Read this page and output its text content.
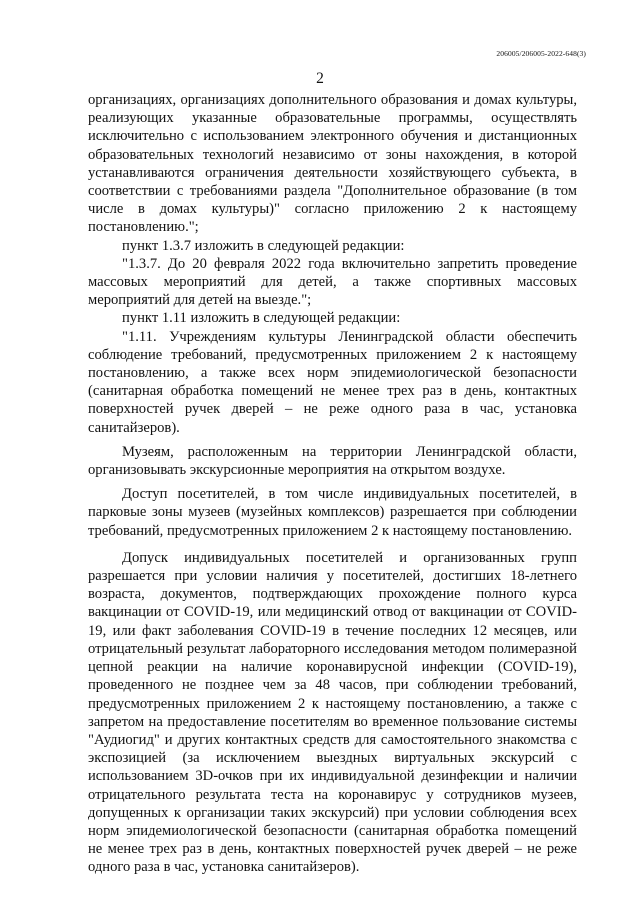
206005/206005-2022-648(3)
2

организациях, организациях дополнительного образования и домах культуры, реализующих указанные образовательные программы, осуществлять исключительно с использованием электронного обучения и дистанционных образовательных технологий независимо от зоны нахождения, в которой устанавливаются ограничения деятельности хозяйствующего субъекта, в соответствии с требованиями раздела "Дополнительное образование (в том числе в домах культуры)" согласно приложению 2 к настоящему постановлению.";

пункт 1.3.7 изложить в следующей редакции:

"1.3.7. До 20 февраля 2022 года включительно запретить проведение массовых мероприятий для детей, а также спортивных массовых мероприятий для детей на выезде.";

пункт 1.11 изложить в следующей редакции:

"1.11. Учреждениям культуры Ленинградской области обеспечить соблюдение требований, предусмотренных приложением 2 к настоящему постановлению, а также всех норм эпидемиологической безопасности (санитарная обработка помещений не менее трех раз в день, контактных поверхностей ручек дверей – не реже одного раза в час, установка санитайзеров).

Музеям, расположенным на территории Ленинградской области, организовывать экскурсионные мероприятия на открытом воздухе.

Доступ посетителей, в том числе индивидуальных посетителей, в парковые зоны музеев (музейных комплексов) разрешается при соблюдении требований, предусмотренных приложением 2 к настоящему постановлению.

Допуск индивидуальных посетителей и организованных групп разрешается при условии наличия у посетителей, достигших 18-летнего возраста, документов, подтверждающих прохождение полного курса вакцинации от COVID-19, или медицинский отвод от вакцинации от COVID-19, или факт заболевания COVID-19 в течение последних 12 месяцев, или отрицательный результат лабораторного исследования методом полимеразной цепной реакции на наличие коронавирусной инфекции (COVID-19), проведенного не позднее чем за 48 часов, при соблюдении требований, предусмотренных приложением 2 к настоящему постановлению, а также с запретом на предоставление посетителям во временное пользование системы "Аудиогид" и других контактных средств для самостоятельного знакомства с экспозицией (за исключением выездных виртуальных экскурсий с использованием 3D-очков при их индивидуальной дезинфекции и наличии отрицательного результата теста на коронавирус у сотрудников музеев, допущенных к организации таких экскурсий) при условии соблюдения всех норм эпидемиологической безопасности (санитарная обработка помещений не менее трех раз в день, контактных поверхностей ручек дверей – не реже одного раза в час, установка санитайзеров).
